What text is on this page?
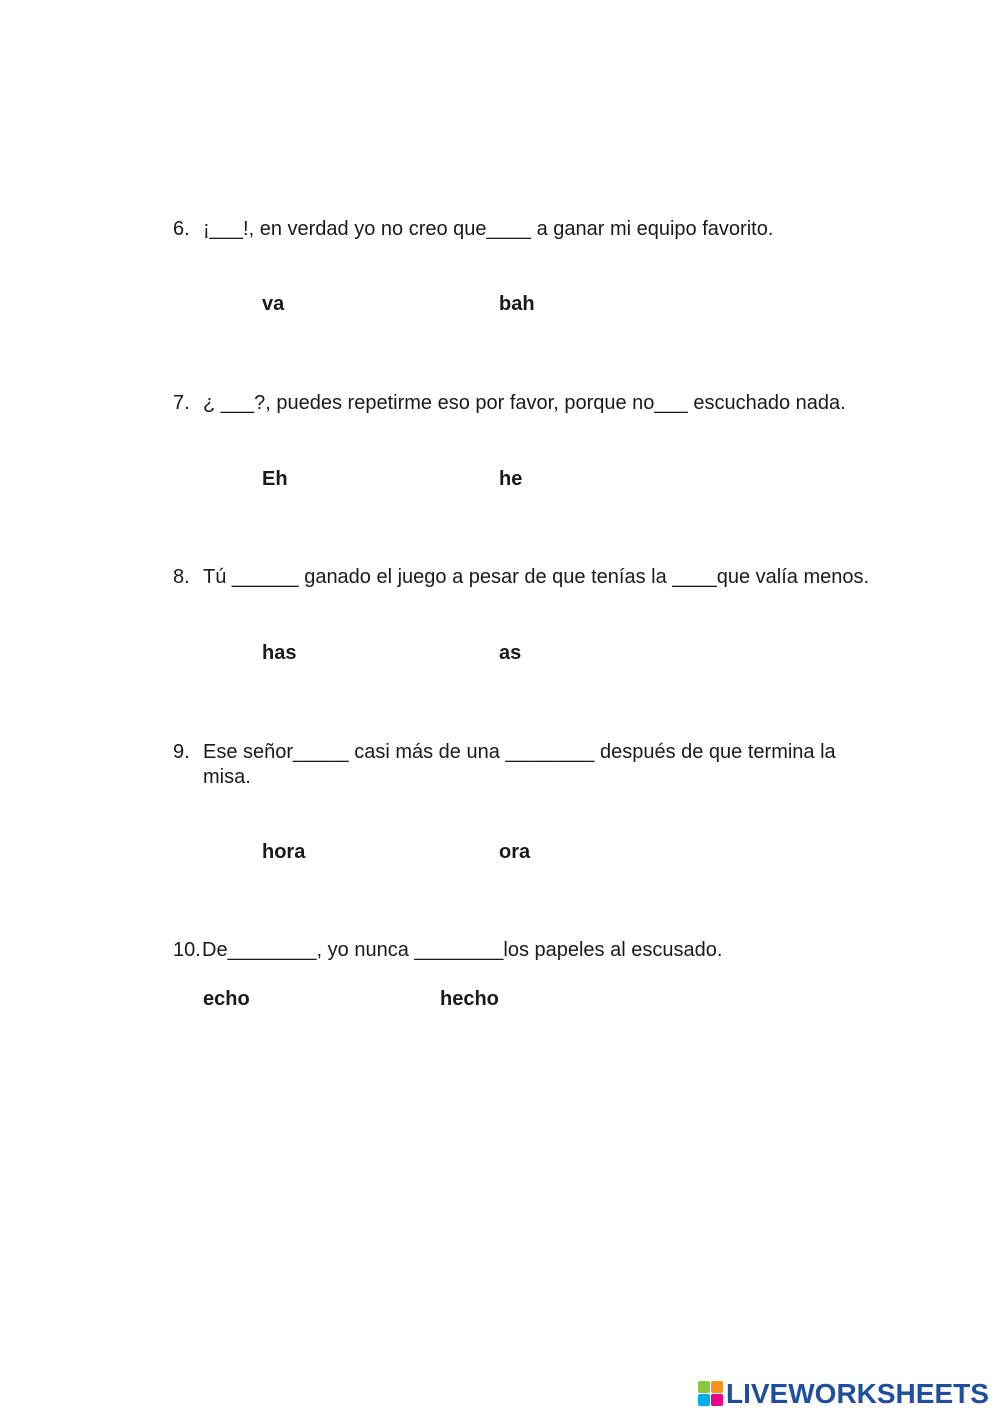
6. ¡___!, en verdad yo no creo que____ a ganar mi equipo favorito.
va	bah
7. ¿ ___?, puedes repetirme eso por favor, porque no___ escuchado nada.
Eh	he
8. Tú ______ ganado el juego a pesar de que tenías la ____que valía menos.
has	as
9. Ese señor_____ casi más de una ________ después de que termina la
misa.
hora	ora
10. De________, yo nunca ________los papeles al escusado.
echo	hecho
LIVEWORKSHEETS
